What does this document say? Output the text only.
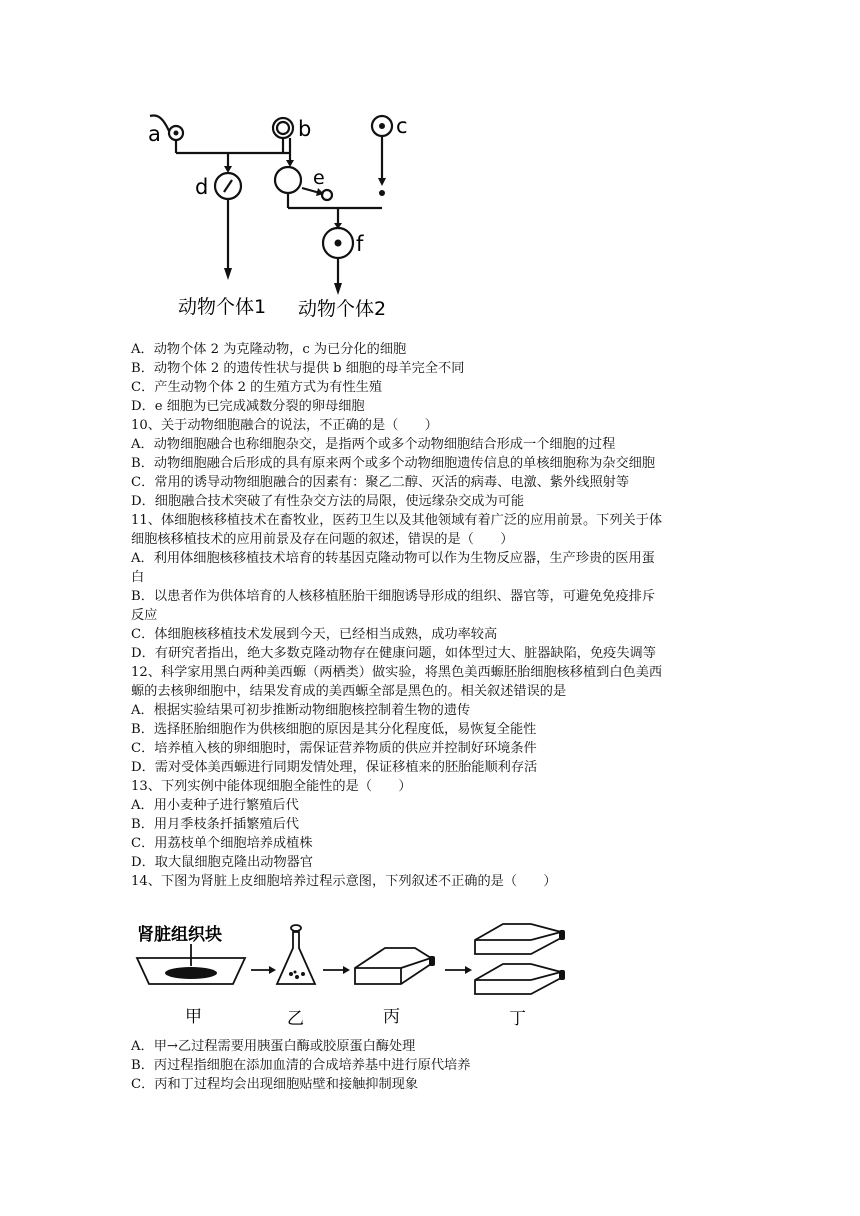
a	b	c
d	e
f
动物个体1 动物个体2
A．动物个体 2 为克隆动物，c 为已分化的细胞
B．动物个体 2 的遗传性状与提供 b 细胞的母羊完全不同
C．产生动物个体 2 的生殖方式为有性生殖
D．e 细胞为已完成减数分裂的卵母细胞
10、关于动物细胞融合的说法，不正确的是（　　）
A．动物细胞融合也称细胞杂交，是指两个或多个动物细胞结合形成一个细胞的过程
B．动物细胞融合后形成的具有原来两个或多个动物细胞遗传信息的单核细胞称为杂交细胞
C．常用的诱导动物细胞融合的因素有：聚乙二醇、灭活的病毒、电激、紫外线照射等
D．细胞融合技术突破了有性杂交方法的局限，使远缘杂交成为可能
11、体细胞核移植技术在畜牧业，医药卫生以及其他领域有着广泛的应用前景。下列关于体
细胞核移植技术的应用前景及存在问题的叙述，错误的是（　　）
A．利用体细胞核移植技术培育的转基因克隆动物可以作为生物反应器，生产珍贵的医用蛋
白
B．以患者作为供体培育的人核移植胚胎干细胞诱导形成的组织、器官等，可避免免疫排斥
反应
C．体细胞核移植技术发展到今天，已经相当成熟，成功率较高
D．有研究者指出，绝大多数克隆动物存在健康问题，如体型过大、脏器缺陷，免疫失调等
12、科学家用黑白两种美西螈（两栖类）做实验，将黑色美西螈胚胎细胞核移植到白色美西
螈的去核卵细胞中，结果发育成的美西螈全部是黑色的。相关叙述错误的是
A．根据实验结果可初步推断动物细胞核控制着生物的遗传
B．选择胚胎细胞作为供核细胞的原因是其分化程度低，易恢复全能性
C．培养植入核的卵细胞时，需保证营养物质的供应并控制好环境条件
D．需对受体美西螈进行同期发情处理，保证移植来的胚胎能顺利存活
13、下列实例中能体现细胞全能性的是（　　）
A．用小麦种子进行繁殖后代
B．用月季枝条扦插繁殖后代
C．用荔枝单个细胞培养成植株
D．取大鼠细胞克隆出动物器官
14、下图为肾脏上皮细胞培养过程示意图，下列叙述不正确的是（　　）
肾脏组织块
甲	乙	丙	丁
A．甲→乙过程需要用胰蛋白酶或胶原蛋白酶处理
B．丙过程指细胞在添加血清的合成培养基中进行原代培养
C．丙和丁过程均会出现细胞贴壁和接触抑制现象
